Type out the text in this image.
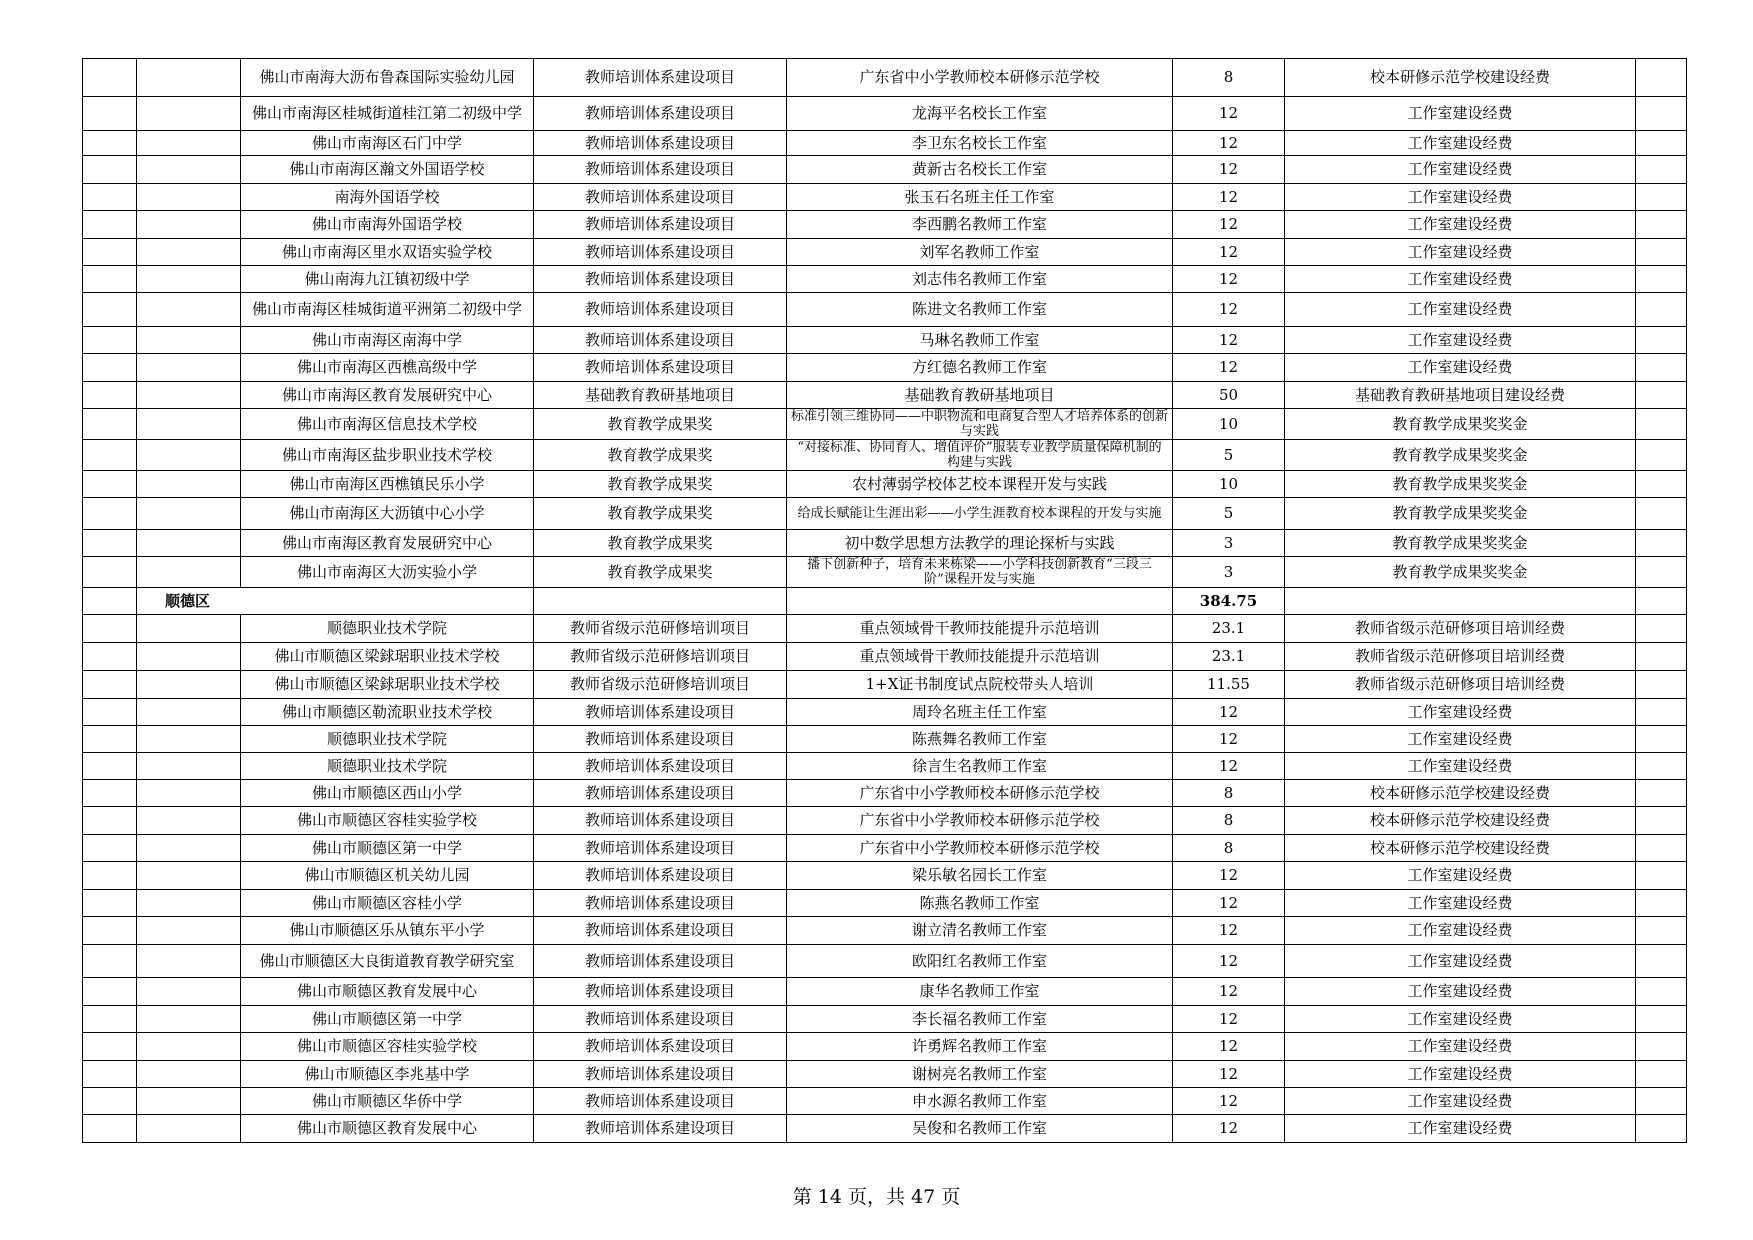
		佛山市南海大沥布鲁森国际实验幼儿园	教师培训体系建设项目	广东省中小学教师校本研修示范学校	8	校本研修示范学校建设经费	

		佛山市南海区桂城街道桂江第二初级中学	教师培训体系建设项目	龙海平名校长工作室	12	工作室建设经费	

		佛山市南海区石门中学	教师培训体系建设项目	李卫东名校长工作室	12	工作室建设经费	

		佛山市南海区瀚文外国语学校	教师培训体系建设项目	黄新古名校长工作室	12	工作室建设经费	

		南海外国语学校	教师培训体系建设项目	张玉石名班主任工作室	12	工作室建设经费	

		佛山市南海外国语学校	教师培训体系建设项目	李西鹏名教师工作室	12	工作室建设经费	

		佛山市南海区里水双语实验学校	教师培训体系建设项目	刘军名教师工作室	12	工作室建设经费	

		佛山南海九江镇初级中学	教师培训体系建设项目	刘志伟名教师工作室	12	工作室建设经费	

		佛山市南海区桂城街道平洲第二初级中学	教师培训体系建设项目	陈进文名教师工作室	12	工作室建设经费	

		佛山市南海区南海中学	教师培训体系建设项目	马琳名教师工作室	12	工作室建设经费	

		佛山市南海区西樵高级中学	教师培训体系建设项目	方红德名教师工作室	12	工作室建设经费	

		佛山市南海区教育发展研究中心	基础教育教研基地项目	基础教育教研基地项目	50	基础教育教研基地项目建设经费	

		佛山市南海区信息技术学校	教育教学成果奖	标准引领三维协同——中职物流和电商复合型人才培养体系的创新与实践	10	教育教学成果奖奖金	

		佛山市南海区盐步职业技术学校	教育教学成果奖	“对接标准、协同育人、增值评价”服装专业教学质量保障机制的构建与实践	5	教育教学成果奖奖金	

		佛山市南海区西樵镇民乐小学	教育教学成果奖	农村薄弱学校体艺校本课程开发与实践	10	教育教学成果奖奖金	

		佛山市南海区大沥镇中心小学	教育教学成果奖	给成长赋能让生涯出彩——小学生涯教育校本课程的开发与实施	5	教育教学成果奖奖金	

		佛山市南海区教育发展研究中心	教育教学成果奖	初中数学思想方法教学的理论探析与实践	3	教育教学成果奖奖金	

		佛山市南海区大沥实验小学	教育教学成果奖	播下创新种子，培育未来栋梁——小学科技创新教育“三段三阶”课程开发与实施	3	教育教学成果奖奖金	

	顺德区				384.75		

		顺德职业技术学院	教师省级示范研修培训项目	重点领域骨干教师技能提升示范培训	23.1	教师省级示范研修项目培训经费	

		佛山市顺德区梁銶琚职业技术学校	教师省级示范研修培训项目	重点领域骨干教师技能提升示范培训	23.1	教师省级示范研修项目培训经费	

		佛山市顺德区梁銶琚职业技术学校	教师省级示范研修培训项目	1+X证书制度试点院校带头人培训	11.55	教师省级示范研修项目培训经费	

		佛山市顺德区勒流职业技术学校	教师培训体系建设项目	周玲名班主任工作室	12	工作室建设经费	

		顺德职业技术学院	教师培训体系建设项目	陈燕舞名教师工作室	12	工作室建设经费	

		顺德职业技术学院	教师培训体系建设项目	徐言生名教师工作室	12	工作室建设经费	

		佛山市顺德区西山小学	教师培训体系建设项目	广东省中小学教师校本研修示范学校	8	校本研修示范学校建设经费	

		佛山市顺德区容桂实验学校	教师培训体系建设项目	广东省中小学教师校本研修示范学校	8	校本研修示范学校建设经费	

		佛山市顺德区第一中学	教师培训体系建设项目	广东省中小学教师校本研修示范学校	8	校本研修示范学校建设经费	

		佛山市顺德区机关幼儿园	教师培训体系建设项目	梁乐敏名园长工作室	12	工作室建设经费	

		佛山市顺德区容桂小学	教师培训体系建设项目	陈燕名教师工作室	12	工作室建设经费	

		佛山市顺德区乐从镇东平小学	教师培训体系建设项目	谢立清名教师工作室	12	工作室建设经费	

		佛山市顺德区大良街道教育教学研究室	教师培训体系建设项目	欧阳红名教师工作室	12	工作室建设经费	

		佛山市顺德区教育发展中心	教师培训体系建设项目	康华名教师工作室	12	工作室建设经费	

		佛山市顺德区第一中学	教师培训体系建设项目	李长福名教师工作室	12	工作室建设经费	

		佛山市顺德区容桂实验学校	教师培训体系建设项目	许勇辉名教师工作室	12	工作室建设经费	

		佛山市顺德区李兆基中学	教师培训体系建设项目	谢树亮名教师工作室	12	工作室建设经费	

		佛山市顺德区华侨中学	教师培训体系建设项目	申水源名教师工作室	12	工作室建设经费	

		佛山市顺德区教育发展中心	教师培训体系建设项目	吴俊和名教师工作室	12	工作室建设经费	

第 14 页，共 47 页
